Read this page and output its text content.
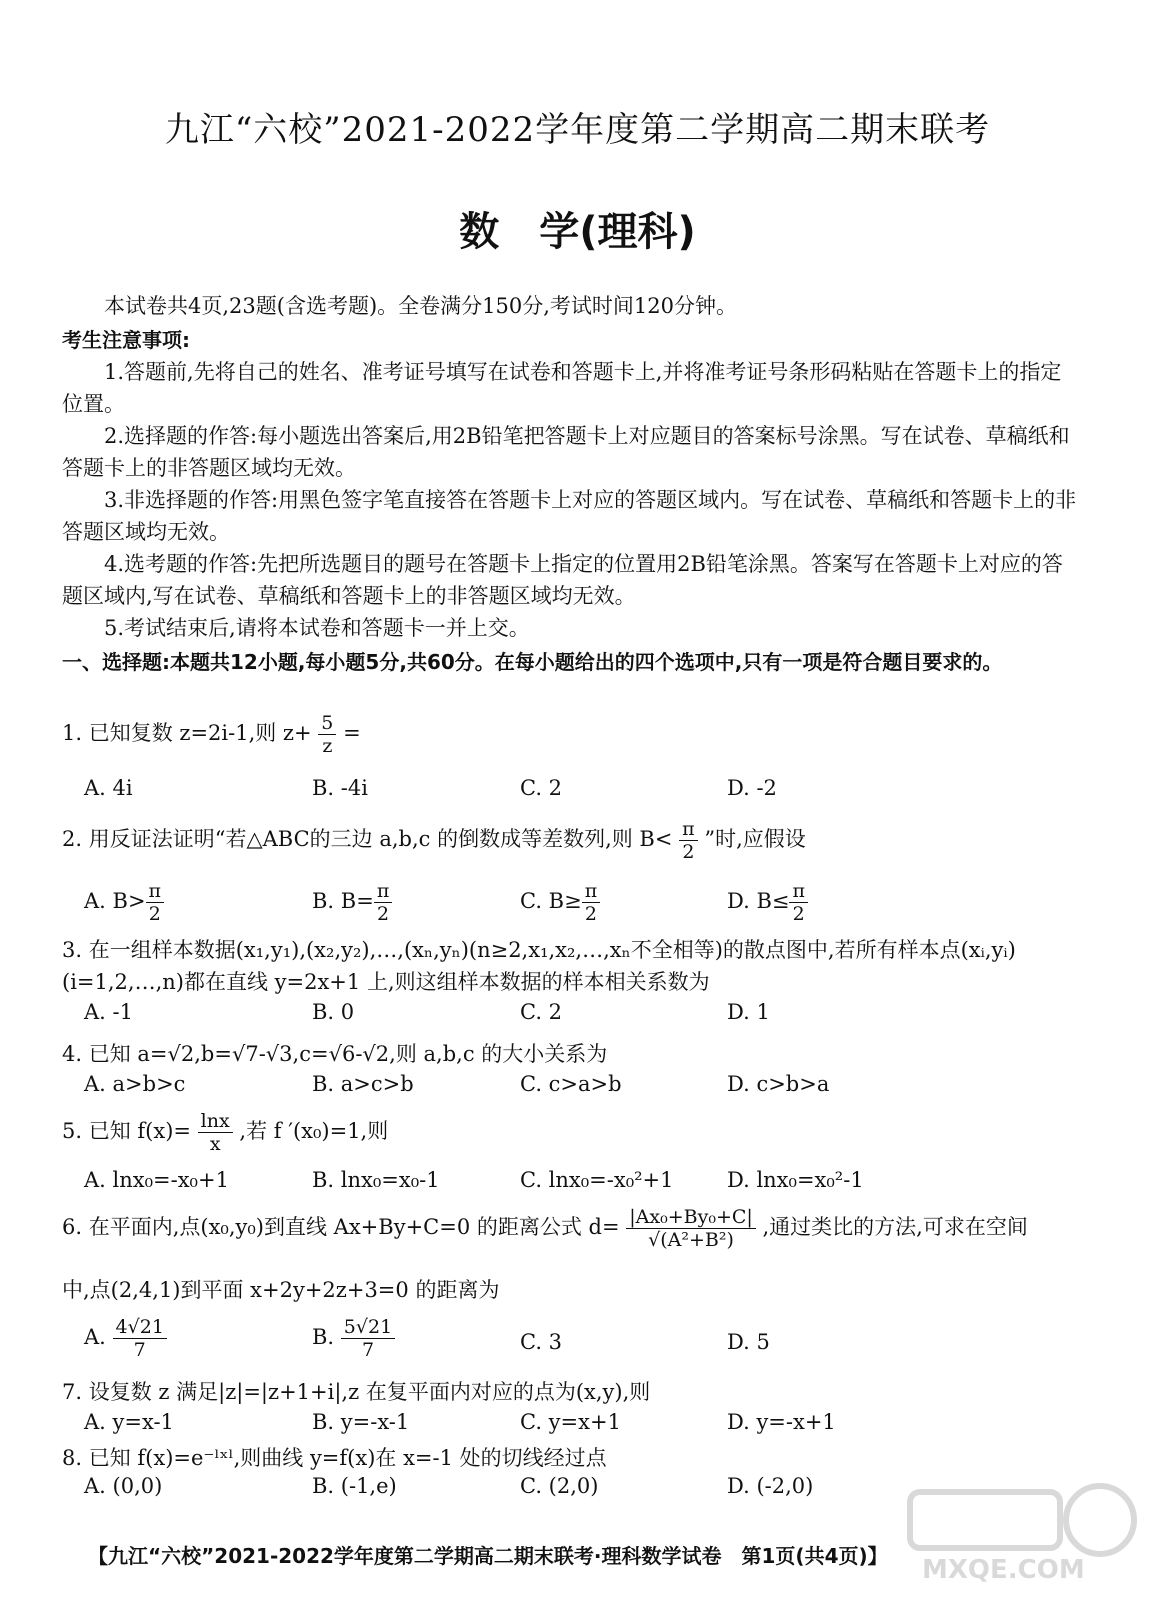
九江“六校”2021-2022学年度第二学期高二期末联考
数　学(理科)
本试卷共4页,23题(含选考题)。全卷满分150分,考试时间120分钟。
考生注意事项:
1.答题前,先将自己的姓名、准考证号填写在试卷和答题卡上,并将准考证号条形码粘贴在答题卡上的指定位置。
2.选择题的作答:每小题选出答案后,用2B铅笔把答题卡上对应题目的答案标号涂黑。写在试卷、草稿纸和答题卡上的非答题区域均无效。
3.非选择题的作答:用黑色签字笔直接答在答题卡上对应的答题区域内。写在试卷、草稿纸和答题卡上的非答题区域均无效。
4.选考题的作答:先把所选题目的题号在答题卡上指定的位置用2B铅笔涂黑。答案写在答题卡上对应的答题区域内,写在试卷、草稿纸和答题卡上的非答题区域均无效。
5.考试结束后,请将本试卷和答题卡一并上交。
一、选择题:本题共12小题,每小题5分,共60分。在每小题给出的四个选项中,只有一项是符合题目要求的。
1. 已知复数 z=2i-1,则 $z+ \frac{5}{z}$ =
A. 4i	B. -4i	C. 2	D. -2
2. 用反证法证明“若△ABC的三边 a,b,c 的倒数成等差数列,则 $B< \frac{\pi}{2}$ ”时,应假设
A. $B> \frac{\pi}{2}$	B. $B= \frac{\pi}{2}$	C. $B\ge \frac{\pi}{2}$	D. $B\le \frac{\pi}{2}$
3. 在一组样本数据(x₁,y₁),(x₂,y₂),…,(xₙ,yₙ)(n≥2,x₁,x₂,…,xₙ不全相等)的散点图中,若所有样本点(xᵢ,yᵢ)(i=1,2,…,n)都在直线 y=2x+1 上,则这组样本数据的样本相关系数为
A. -1	B. 0	C. 2	D. 1
4. 已知 a=√2,b=√7-√3,c=√6-√2,则 a,b,c 的大小关系为
A. a>b>c	B. a>c>b	C. c>a>b	D. c>b>a
5. 已知 $f(x)= \frac{\ln x}{x}$ ,若 f ′(x₀)=1,则
A. lnx₀=-x₀+1	B. lnx₀=x₀-1	C. lnx₀=-x₀²+1	D. lnx₀=x₀²-1
6. 在平面内,点(x₀,y₀)到直线 Ax+By+C=0 的距离公式 $d= \frac{\text{|Ax₀+By₀+C|}}{\text{√(A²+B²)}}$ ,通过类比的方法,可求在空间
中,点(2,4,1)到平面 x+2y+2z+3=0 的距离为
A. $\frac{4√21}{7}$	B. $\frac{5√21}{7}$	C. 3	D. 5
7. 设复数 z 满足|z|=|z+1+i|,z 在复平面内对应的点为(x,y),则
A. y=x-1	B. y=-x-1	C. y=x+1	D. y=-x+1
8. 已知 f(x)=e⁻ˡˣˡ,则曲线 y=f(x)在 x=-1 处的切线经过点
A. (0,0)	B. (-1,e)	C. (2,0)	D. (-2,0)
【九江“六校”2021-2022学年度第二学期高二期末联考·理科数学试卷　第1页(共4页)】 MXQE.COM
